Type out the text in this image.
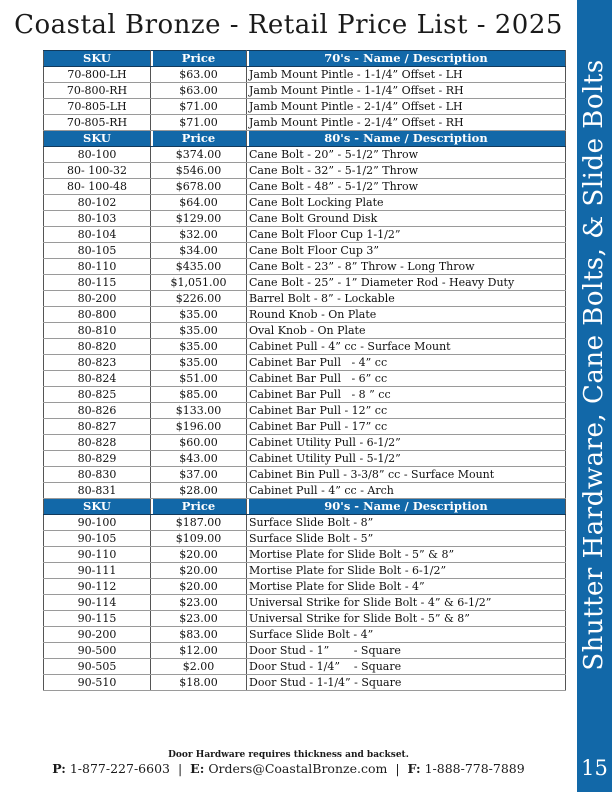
Coastal Bronze - Retail Price List - 2025
SKU	Price	70's - Name / Description
70-800-LH	$63.00	Jamb Mount Pintle - 1-1/4” Offset - LH
70-800-RH	$63.00	Jamb Mount Pintle - 1-1/4” Offset - RH
70-805-LH	$71.00	Jamb Mount Pintle - 2-1/4” Offset - LH
70-805-RH	$71.00	Jamb Mount Pintle - 2-1/4” Offset - RH
SKU	Price	80's - Name / Description
80-100	$374.00	Cane Bolt - 20” - 5-1/2” Throw
80- 100-32	$546.00	Cane Bolt - 32” - 5-1/2” Throw
80- 100-48	$678.00	Cane Bolt - 48” - 5-1/2” Throw
80-102	$64.00	Cane Bolt Locking Plate
80-103	$129.00	Cane Bolt Ground Disk
80-104	$32.00	Cane Bolt Floor Cup 1-1/2”
80-105	$34.00	Cane Bolt Floor Cup 3”
80-110	$435.00	Cane Bolt - 23” - 8” Throw - Long Throw
80-115	$1,051.00	Cane Bolt - 25” - 1” Diameter Rod - Heavy Duty
80-200	$226.00	Barrel Bolt - 8” - Lockable
80-800	$35.00	Round Knob - On Plate
80-810	$35.00	Oval Knob - On Plate
80-820	$35.00	Cabinet Pull - 4” cc - Surface Mount
80-823	$35.00	Cabinet Bar Pull   - 4” cc
80-824	$51.00	Cabinet Bar Pull   - 6” cc
80-825	$85.00	Cabinet Bar Pull   - 8 ” cc
80-826	$133.00	Cabinet Bar Pull - 12” cc
80-827	$196.00	Cabinet Bar Pull - 17” cc
80-828	$60.00	Cabinet Utility Pull - 6-1/2”
80-829	$43.00	Cabinet Utility Pull - 5-1/2”
80-830	$37.00	Cabinet Bin Pull - 3-3/8” cc - Surface Mount
80-831	$28.00	Cabinet Pull - 4” cc - Arch
SKU	Price	90's - Name / Description
90-100	$187.00	Surface Slide Bolt - 8”
90-105	$109.00	Surface Slide Bolt - 5”
90-110	$20.00	Mortise Plate for Slide Bolt - 5” & 8”
90-111	$20.00	Mortise Plate for Slide Bolt - 6-1/2”
90-112	$20.00	Mortise Plate for Slide Bolt - 4”
90-114	$23.00	Universal Strike for Slide Bolt - 4” & 6-1/2”
90-115	$23.00	Universal Strike for Slide Bolt - 5” & 8”
90-200	$83.00	Surface Slide Bolt - 4”
90-500	$12.00	Door Stud - 1”       - Square
90-505	$2.00	Door Stud - 1/4”    - Square
90-510	$18.00	Door Stud - 1-1/4” - Square
Door Hardware requires thickness and backset.
P: 1-877-227-6603 | E: Orders@CoastalBronze.com | F: 1-888-778-7889
Shutter Hardware, Cane Bolts, & Slide Bolts
15
